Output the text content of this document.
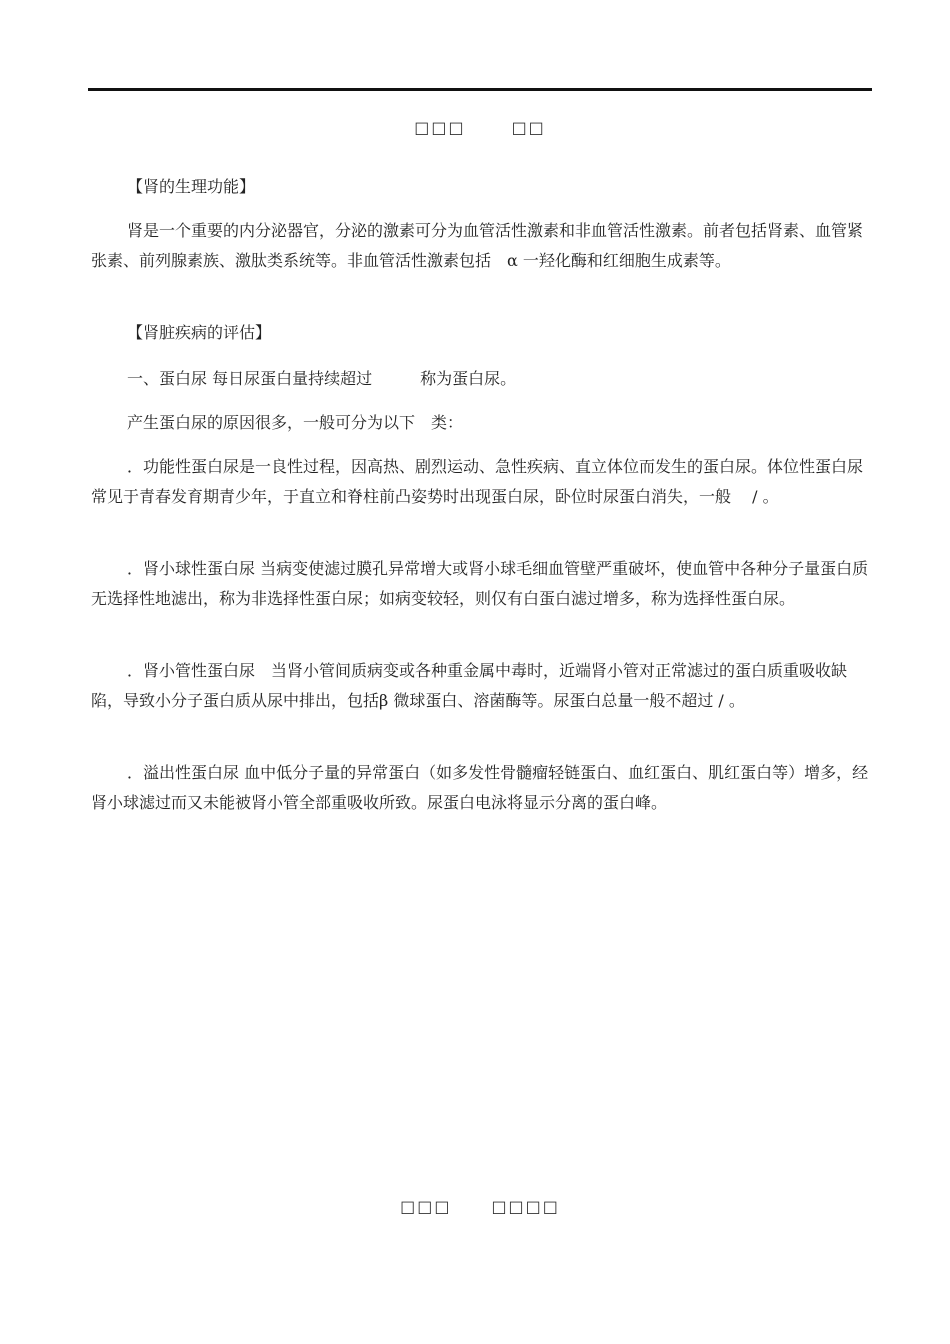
□□□	□□

【肾的生理功能】

肾是一个重要的内分泌器官，分泌的激素可分为血管活性激素和非血管活性激素。前者包括肾素、血管紧张素、前列腺素族、激肽类系统等。非血管活性激素包括　α 一羟化酶和红细胞生成素等。

【肾脏疾病的评估】

一、蛋白尿 每日尿蛋白量持续超过　　　称为蛋白尿。

产生蛋白尿的原因很多，一般可分为以下　类：

．功能性蛋白尿是一良性过程，因高热、剧烈运动、急性疾病、直立体位而发生的蛋白尿。体位性蛋白尿常见于青春发育期青少年，于直立和脊柱前凸姿势时出现蛋白尿，卧位时尿蛋白消失，一般　 / 。

．肾小球性蛋白尿 当病变使滤过膜孔异常增大或肾小球毛细血管壁严重破坏，使血管中各种分子量蛋白质无选择性地滤出，称为非选择性蛋白尿；如病变较轻，则仅有白蛋白滤过增多，称为选择性蛋白尿。

．肾小管性蛋白尿　当肾小管间质病变或各种重金属中毒时，近端肾小管对正常滤过的蛋白质重吸收缺陷，导致小分子蛋白质从尿中排出，包括β 微球蛋白、溶菌酶等。尿蛋白总量一般不超过 / 。

．溢出性蛋白尿 血中低分子量的异常蛋白（如多发性骨髓瘤轻链蛋白、血红蛋白、肌红蛋白等）增多，经肾小球滤过而又未能被肾小管全部重吸收所致。尿蛋白电泳将显示分离的蛋白峰。

□□□	□□□□
